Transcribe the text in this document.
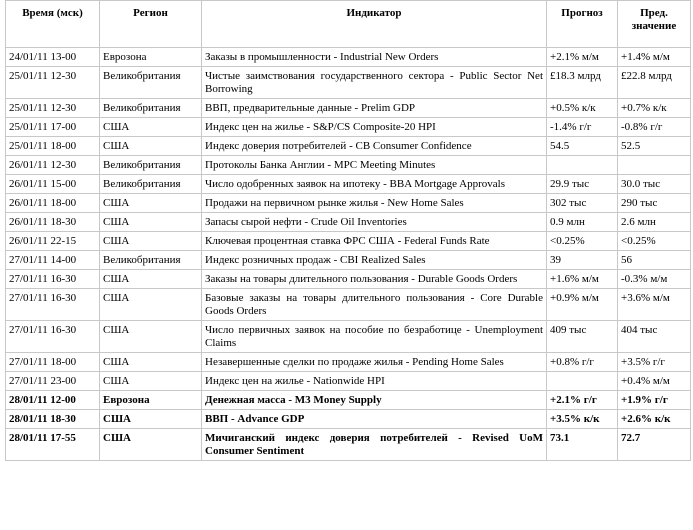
Время (мск)	Регион	Индикатор	Прогноз	Пред. значение
24/01/11 13-00	Еврозона	Заказы в промышленности - Industrial New Orders	+2.1% м/м	+1.4% м/м
25/01/11 12-30	Великобритания	Чистые заимствования государственного сектора - Public Sector Net Borrowing	£18.3 млрд	£22.8 млрд
25/01/11 12-30	Великобритания	ВВП, предварительные данные - Prelim GDP	+0.5% к/к	+0.7% к/к
25/01/11 17-00	США	Индекс цен на жилье - S&P/CS Composite-20 HPI	-1.4% г/г	-0.8% г/г
25/01/11 18-00	США	Индекс доверия потребителей - CB Consumer Confidence	54.5	52.5
26/01/11 12-30	Великобритания	Протоколы Банка Англии - MPC Meeting Minutes		
26/01/11 15-00	Великобритания	Число одобренных заявок на ипотеку - BBA Mortgage Approvals	29.9 тыс	30.0 тыс
26/01/11 18-00	США	Продажи на первичном рынке жилья - New Home Sales	302 тыс	290 тыс
26/01/11 18-30	США	Запасы сырой нефти - Crude Oil Inventories	0.9 млн	2.6 млн
26/01/11 22-15	США	Ключевая процентная ставка ФРС США - Federal Funds Rate	<0.25%	<0.25%
27/01/11 14-00	Великобритания	Индекс розничных продаж - CBI Realized Sales	39	56
27/01/11 16-30	США	Заказы на товары длительного пользования - Durable Goods Orders	+1.6% м/м	-0.3% м/м
27/01/11 16-30	США	Базовые заказы на товары длительного пользования - Core Durable Goods Orders	+0.9% м/м	+3.6% м/м
27/01/11 16-30	США	Число первичных заявок на пособие по безработице - Unemployment Claims	409 тыс	404 тыс
27/01/11 18-00	США	Незавершенные сделки по продаже жилья - Pending Home Sales	+0.8% г/г	+3.5% г/г
27/01/11 23-00	США	Индекс цен на жилье - Nationwide HPI		+0.4% м/м
28/01/11 12-00	Еврозона	Денежная масса - M3 Money Supply	+2.1% г/г	+1.9% г/г
28/01/11 18-30	США	ВВП - Advance GDP	+3.5% к/к	+2.6% к/к
28/01/11 17-55	США	Мичиганский индекс доверия потребителей - Revised UoM Consumer Sentiment	73.1	72.7
